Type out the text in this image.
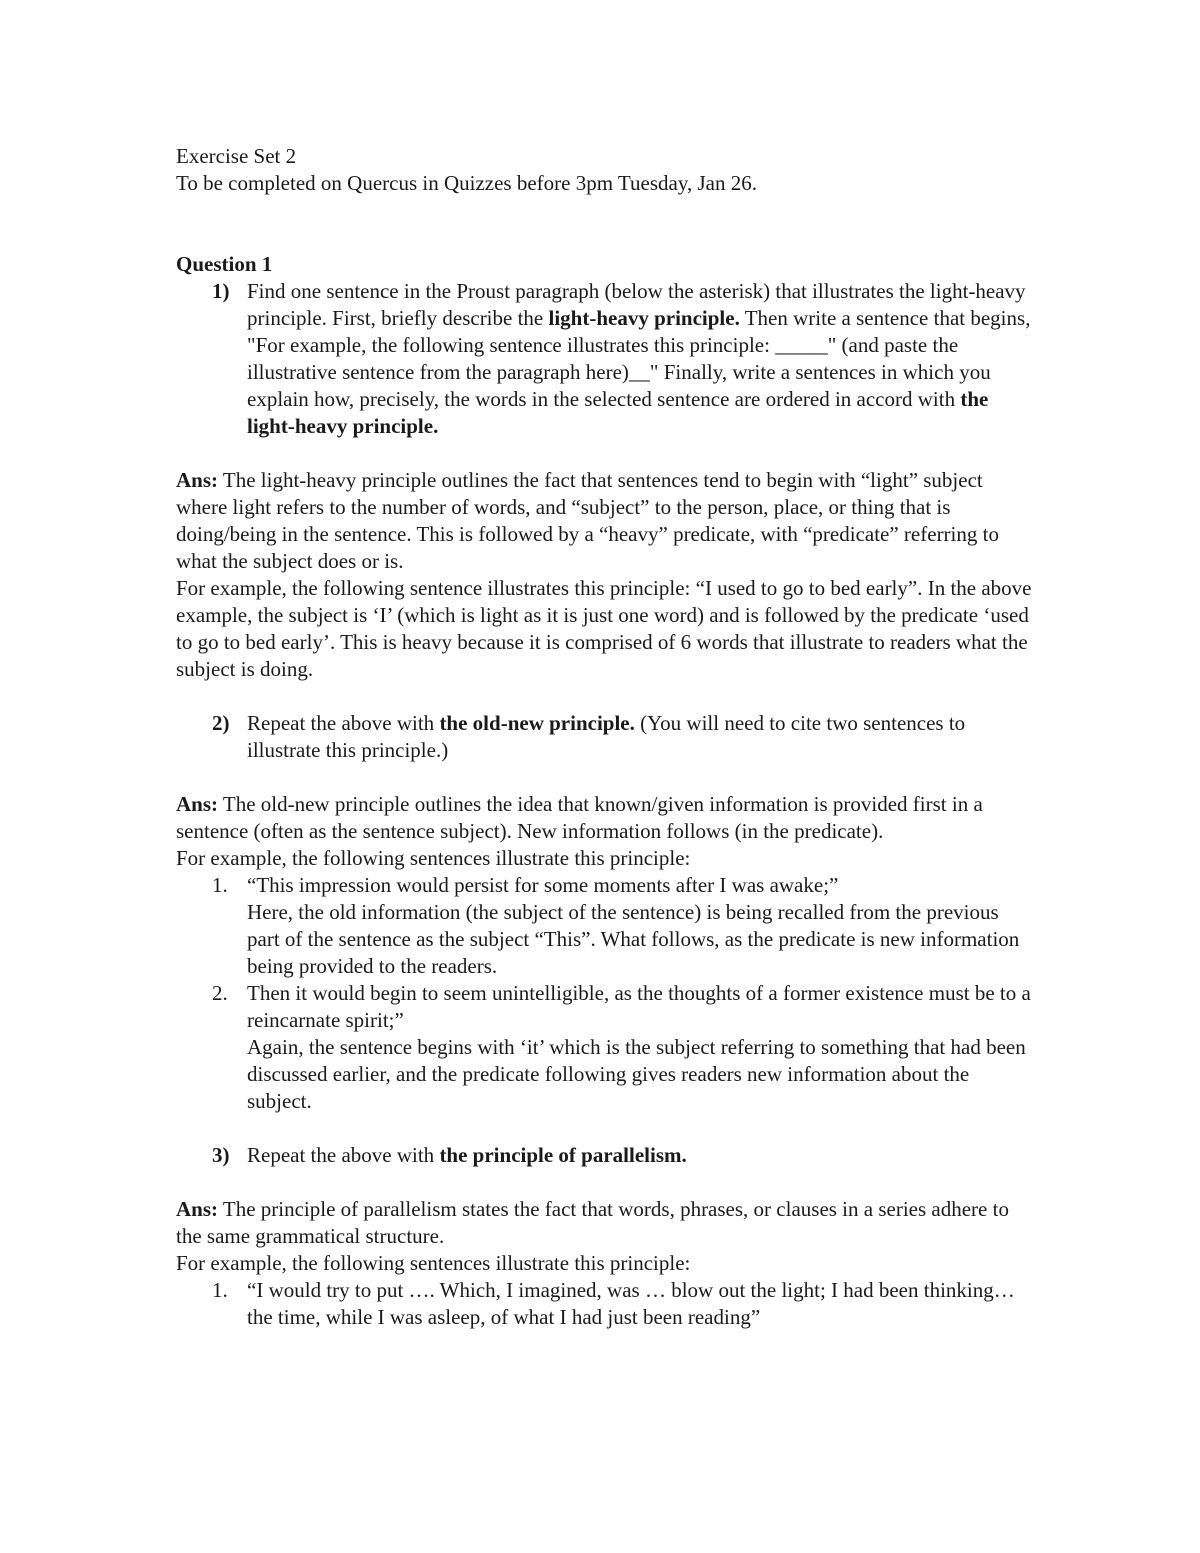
Exercise Set 2

To be completed on Quercus in Quizzes before 3pm Tuesday, Jan 26.

Question 1

1) Find one sentence in the Proust paragraph (below the asterisk) that illustrates the light-heavy principle. First, briefly describe the light-heavy principle. Then write a sentence that begins, "For example, the following sentence illustrates this principle: _____" (and paste the illustrative sentence from the paragraph here)__" Finally, write a sentences in which you explain how, precisely, the words in the selected sentence are ordered in accord with the light-heavy principle.

Ans: The light-heavy principle outlines the fact that sentences tend to begin with “light” subject where light refers to the number of words, and “subject” to the person, place, or thing that is doing/being in the sentence. This is followed by a “heavy” predicate, with “predicate” referring to what the subject does or is.

For example, the following sentence illustrates this principle: “I used to go to bed early”. In the above example, the subject is ‘I’ (which is light as it is just one word) and is followed by the predicate ‘used to go to bed early’. This is heavy because it is comprised of 6 words that illustrate to readers what the subject is doing.

2) Repeat the above with the old-new principle. (You will need to cite two sentences to illustrate this principle.)

Ans: The old-new principle outlines the idea that known/given information is provided first in a sentence (often as the sentence subject). New information follows (in the predicate).

For example, the following sentences illustrate this principle:

1. “This impression would persist for some moments after I was awake;”

Here, the old information (the subject of the sentence) is being recalled from the previous part of the sentence as the subject “This”. What follows, as the predicate is new information being provided to the readers.

2. Then it would begin to seem unintelligible, as the thoughts of a former existence must be to a reincarnate spirit;”

Again, the sentence begins with ‘it’ which is the subject referring to something that had been discussed earlier, and the predicate following gives readers new information about the subject.

3) Repeat the above with the principle of parallelism.

Ans: The principle of parallelism states the fact that words, phrases, or clauses in a series adhere to the same grammatical structure.

For example, the following sentences illustrate this principle:

1. “I would try to put …. Which, I imagined, was … blow out the light; I had been thinking… the time, while I was asleep, of what I had just been reading”
